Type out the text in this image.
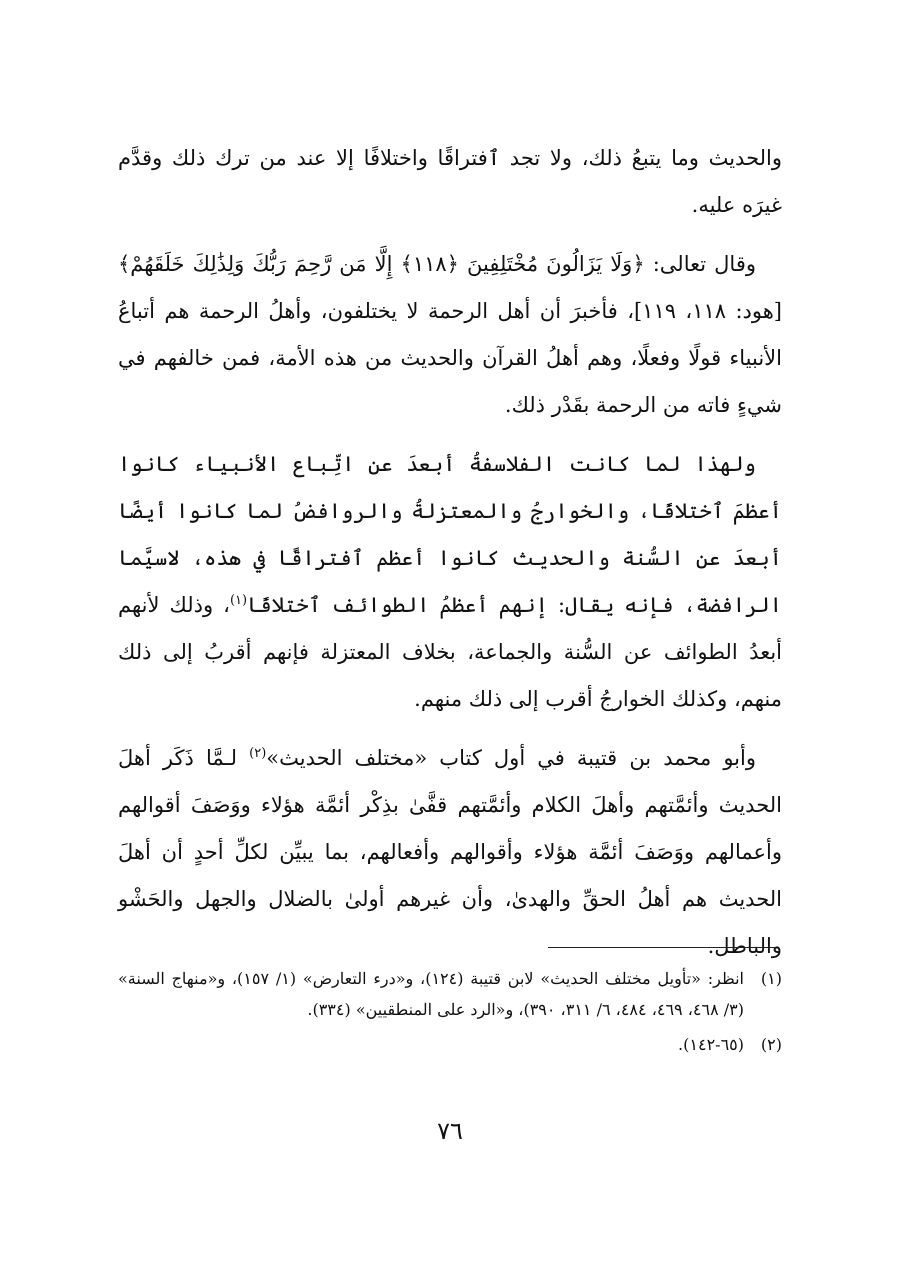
والحديث وما يتبعُ ذلك، ولا تجد ٱفتراقًا واختلافًا إلا عند من ترك ذلك وقدَّم غيرَه عليه.

وقال تعالى: ﴿وَلَا يَزَالُونَ مُخْتَلِفِينَ ﴿١١٨﴾ إِلَّا مَن رَّحِمَ رَبُّكَ وَلِذَٰلِكَ خَلَقَهُمْ﴾ [هود: ١١٨، ١١٩]، فأخبرَ أن أهل الرحمة لا يختلفون، وأهلُ الرحمة هم أتباعُ الأنبياء قولًا وفعلًا، وهم أهلُ القرآن والحديث من هذه الأمة، فمن خالفهم في شيءٍ فاته من الرحمة بقَدْر ذلك.

ولهذا لما كانت الفلاسفةُ أبعدَ عن اتِّباع الأنبياء كانوا أعظمَ ٱختلافًا، والخوارجُ والمعتزلةُ والروافضُ لما كانوا أيضًا أبعدَ عن السُّنة والحديث كانوا أعظم ٱفتراقًا في هذه، لاسيَّما الرافضة، فإنه يقال: إنهم أعظمُ الطوائف ٱختلافًا$^{(١)}$، وذلك لأنهم أبعدُ الطوائف عن السُّنة والجماعة، بخلاف المعتزلة فإنهم أقربُ إلى ذلك منهم، وكذلك الخوارجُ أقرب إلى ذلك منهم.

وأبو محمد بن قتيبة في أول كتاب «مختلف الحديث»$^{(٢)}$ لـمَّا ذَكَر أهلَ الحديث وأئمَّتهم وأهلَ الكلام وأئمَّتهم قفَّىٰ بذِكْر أئمَّة هؤلاء ووَصَفَ أقوالهم وأعمالهم ووَصَفَ أئمَّة هؤلاء وأقوالهم وأفعالهم، بما يبيِّن لكلِّ أحدٍ أن أهلَ الحديث هم أهلُ الحقِّ والهدىٰ، وأن غيرهم أولىٰ بالضلال والجهل والحَشْو والباطل.

(١)
انظر: «تأويل مختلف الحديث» لابن قتيبة (١٢٤)، و«درء التعارض» (١/ ١٥٧)، و«منهاج السنة» (٣/ ٤٦٨، ٤٦٩، ٤٨٤، ٦/ ٣١١، ٣٩٠)، و«الرد على المنطقيين» (٣٣٤).

(٢)
(٦٥-١٤٢).

٧٦
